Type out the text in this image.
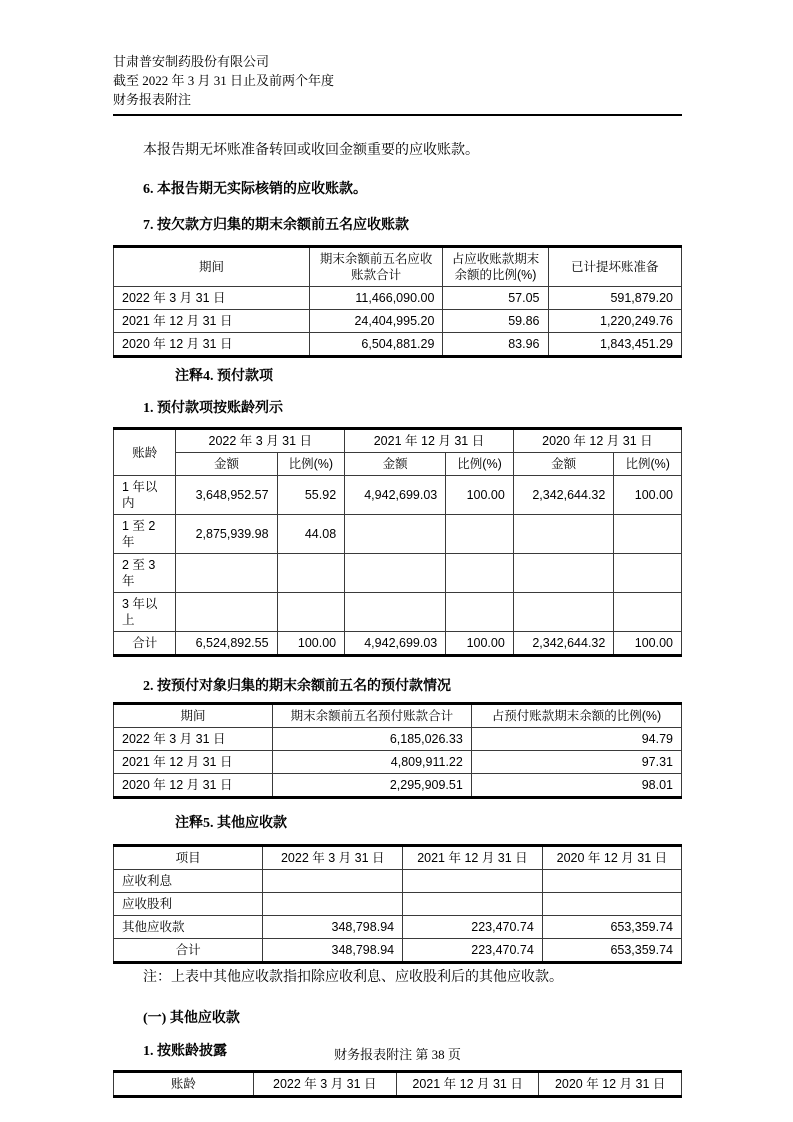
甘肃普安制药股份有限公司
截至 2022 年 3 月 31 日止及前两个年度
财务报表附注

本报告期无坏账准备转回或收回金额重要的应收账款。

6. 本报告期无实际核销的应收账款。

7. 按欠款方归集的期末余额前五名应收账款

期间	期末余额前五名应收账款合计	占应收账款期末余额的比例(%)	已计提坏账准备
2022 年 3 月 31 日	11,466,090.00	57.05	591,879.20
2021 年 12 月 31 日	24,404,995.20	59.86	1,220,249.76
2020 年 12 月 31 日	6,504,881.29	83.96	1,843,451.29

注释4. 预付款项

1. 预付款项按账龄列示

账龄	2022 年 3 月 31 日		2021 年 12 月 31 日		2020 年 12 月 31 日	
	金额	比例(%)	金额	比例(%)	金额	比例(%)
1 年以内	3,648,952.57	55.92	4,942,699.03	100.00	2,342,644.32	100.00
1 至 2 年	2,875,939.98	44.08				
2 至 3 年						
3 年以上						
合计	6,524,892.55	100.00	4,942,699.03	100.00	2,342,644.32	100.00

2. 按预付对象归集的期末余额前五名的预付款情况

期间	期末余额前五名预付账款合计	占预付账款期末余额的比例(%)
2022 年 3 月 31 日	6,185,026.33	94.79
2021 年 12 月 31 日	4,809,911.22	97.31
2020 年 12 月 31 日	2,295,909.51	98.01

注释5. 其他应收款

项目	2022 年 3 月 31 日	2021 年 12 月 31 日	2020 年 12 月 31 日
应收利息			
应收股利			
其他应收款	348,798.94	223,470.74	653,359.74
合计	348,798.94	223,470.74	653,359.74

注：上表中其他应收款指扣除应收利息、应收股利后的其他应收款。

(一) 其他应收款

1. 按账龄披露

账龄	2022 年 3 月 31 日	2021 年 12 月 31 日	2020 年 12 月 31 日
财务报表附注 第 38 页
